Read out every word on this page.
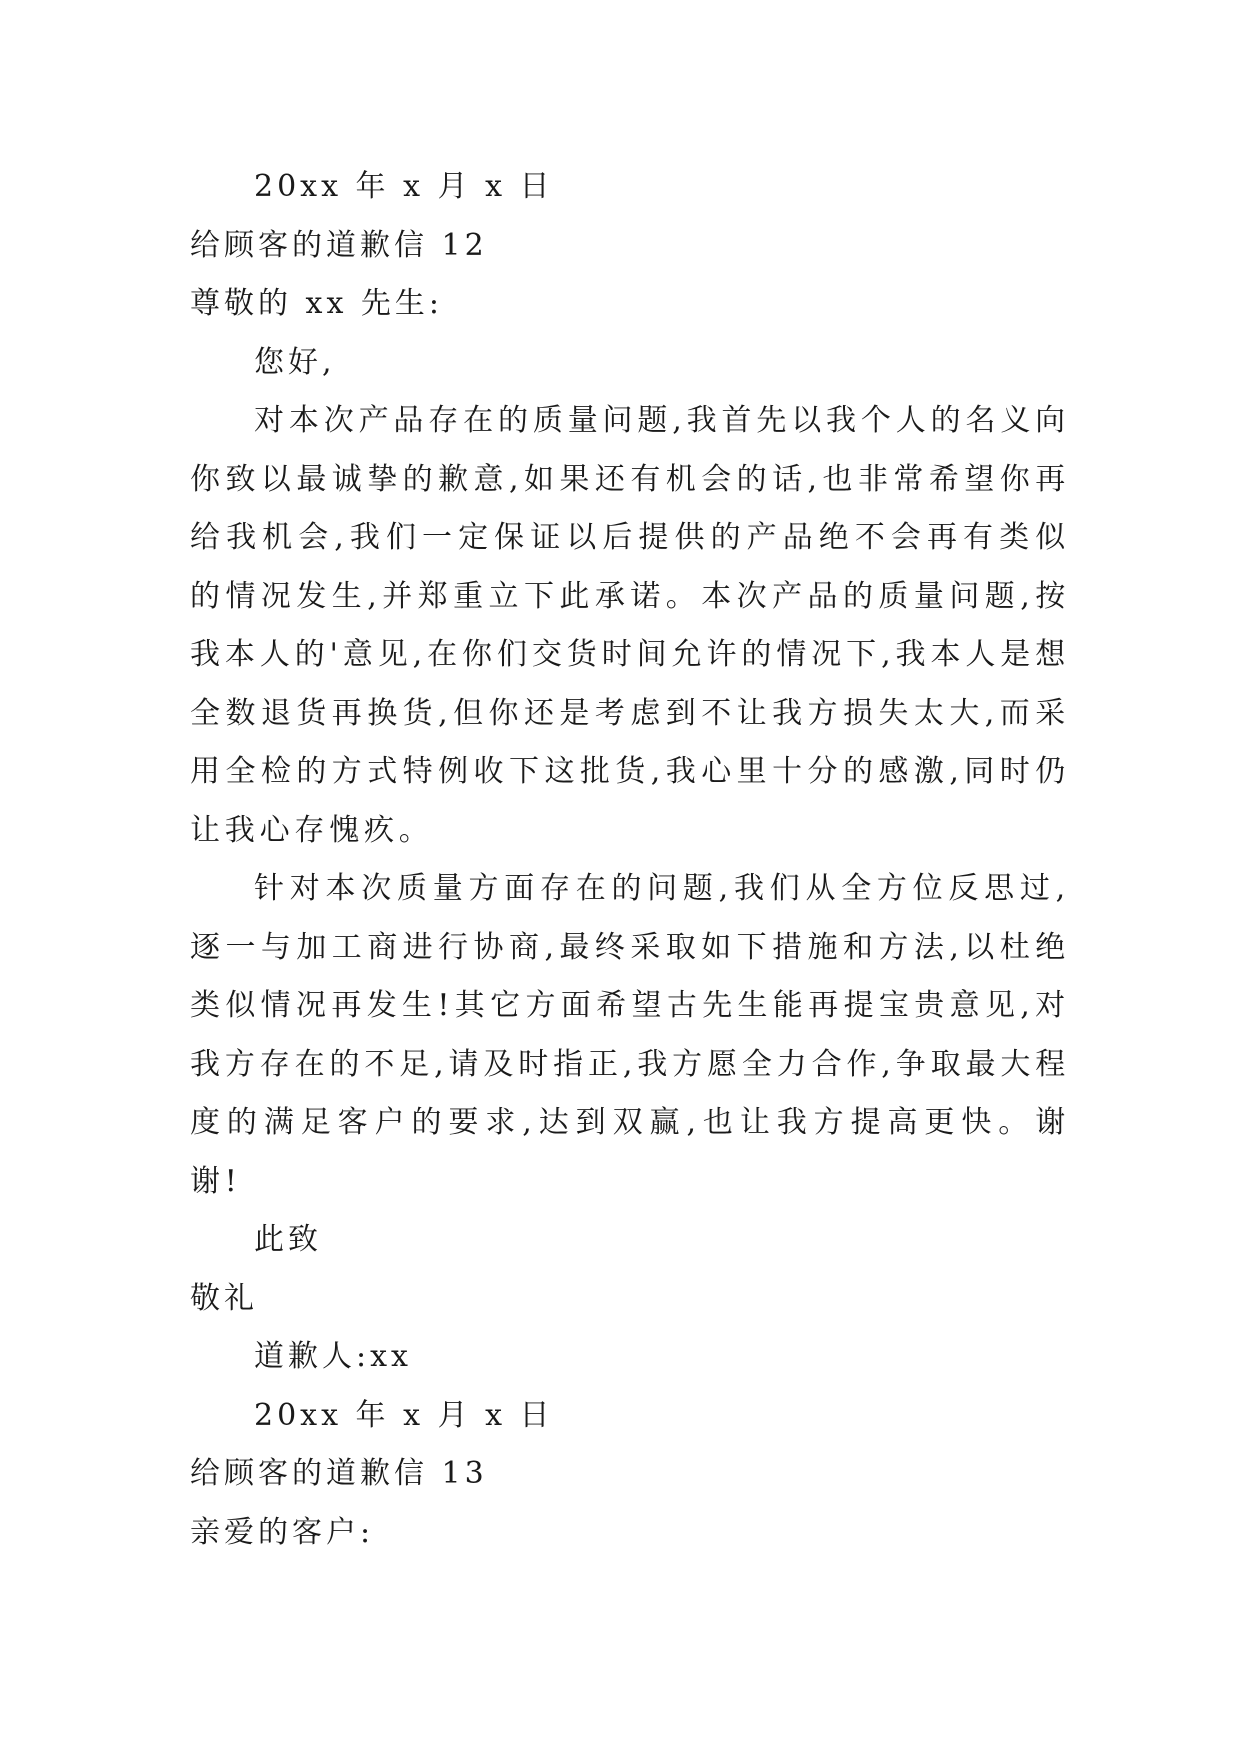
20xx 年 x 月 x 日
给顾客的道歉信 12
尊敬的 xx 先生:
您好,

对本次产品存在的质量问题,我首先以我个人的名义向你致以最诚挚的歉意,如果还有机会的话,也非常希望你再给我机会,我们一定保证以后提供的产品绝不会再有类似的情况发生,并郑重立下此承诺。本次产品的质量问题,按我本人的'意见,在你们交货时间允许的情况下,我本人是想全数退货再换货,但你还是考虑到不让我方损失太大,而采用全检的方式特例收下这批货,我心里十分的感激,同时仍让我心存愧疚。

针对本次质量方面存在的问题,我们从全方位反思过,逐一与加工商进行协商,最终采取如下措施和方法,以杜绝类似情况再发生!其它方面希望古先生能再提宝贵意见,对我方存在的不足,请及时指正,我方愿全力合作,争取最大程度的满足客户的要求,达到双赢,也让我方提高更快。谢谢!

此致
敬礼
道歉人:xx
20xx 年 x 月 x 日
给顾客的道歉信 13
亲爱的客户:
